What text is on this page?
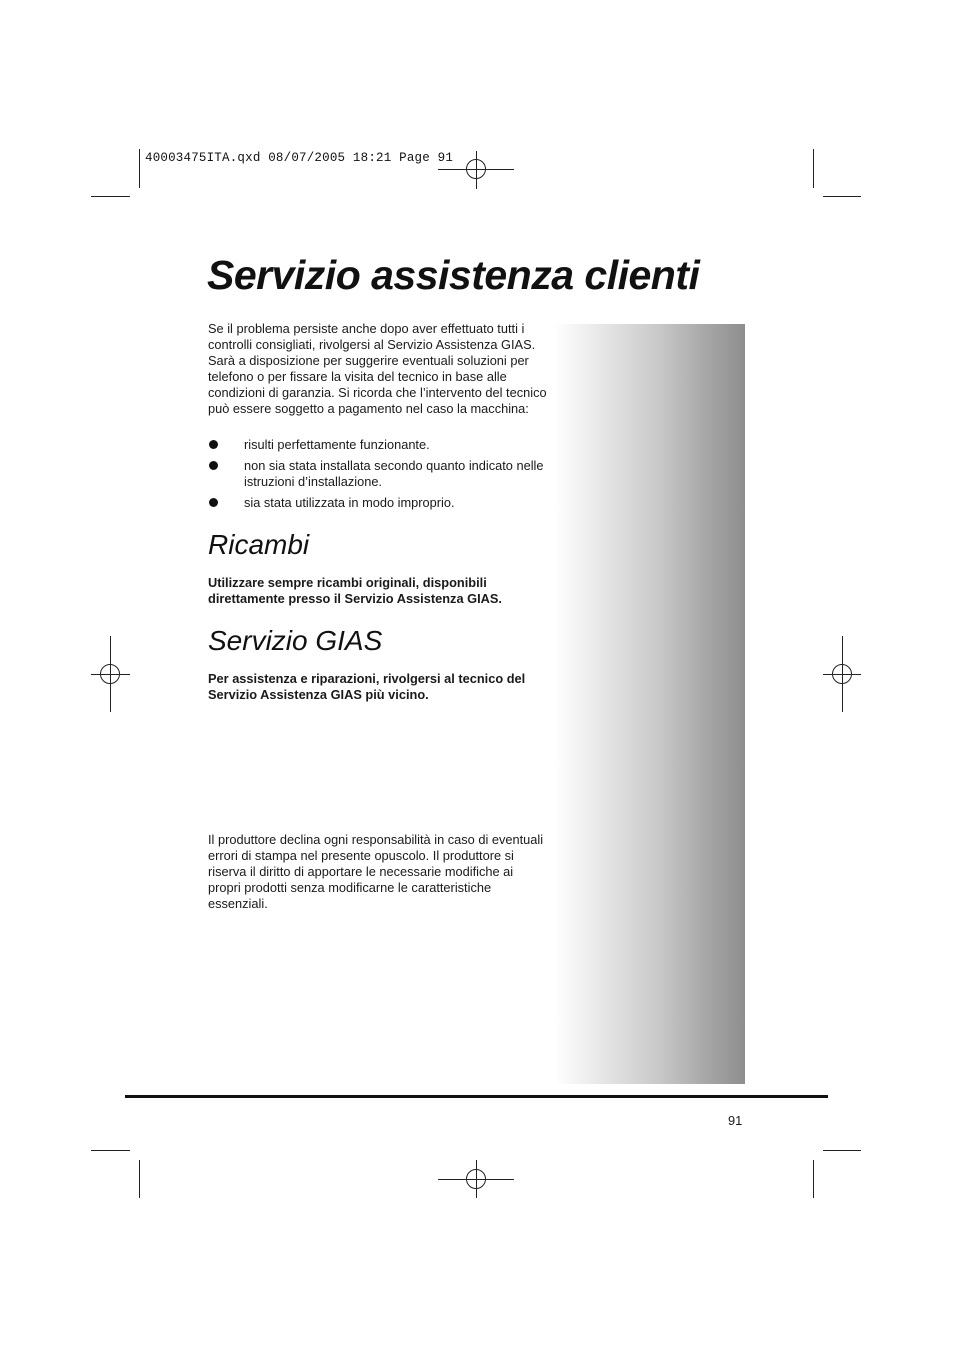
40003475ITA.qxd 08/07/2005 18:21 Page 91
Servizio assistenza clienti

Se il problema persiste anche dopo aver effettuato tutti i controlli consigliati, rivolgersi al Servizio Assistenza GIAS. Sarà a disposizione per suggerire eventuali soluzioni per telefono o per fissare la visita del tecnico in base alle condizioni di garanzia. Si ricorda che l’intervento del tecnico può essere soggetto a pagamento nel caso la macchina:

risulti perfettamente funzionante.
non sia stata installata secondo quanto indicato nelle istruzioni d’installazione.
sia stata utilizzata in modo improprio.
Ricambi

Utilizzare sempre ricambi originali, disponibili direttamente presso il Servizio Assistenza GIAS.

Servizio GIAS

Per assistenza e riparazioni, rivolgersi al tecnico del Servizio Assistenza GIAS più vicino.

Il produttore declina ogni responsabilità in caso di eventuali errori di stampa nel presente opuscolo. Il produttore si riserva il diritto di apportare le necessarie modifiche ai propri prodotti senza modificarne le caratteristiche essenziali.

91
